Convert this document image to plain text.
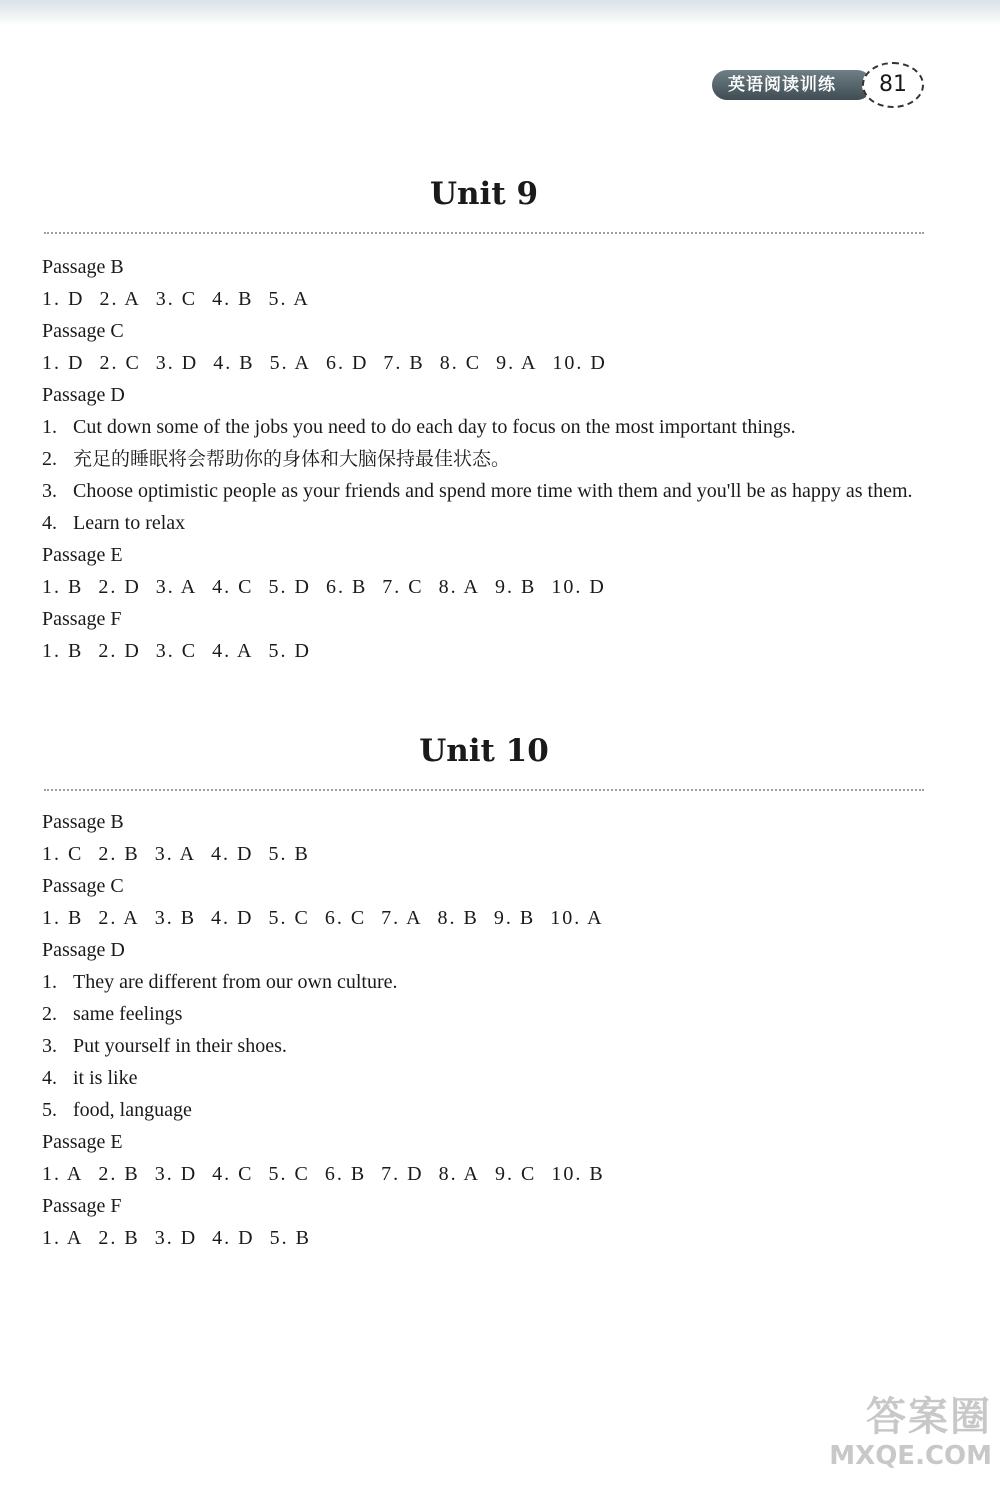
英语阅读训练	81
Unit 9
Passage B
1. D 2. A 3. C 4. B 5. A
Passage C
1. D 2. C 3. D 4. B 5. A 6. D 7. B 8. C 9. A 10. D
Passage D
1. Cut down some of the jobs you need to do each day to focus on the most important things.
2. 充足的睡眠将会帮助你的身体和大脑保持最佳状态。
3. Choose optimistic people as your friends and spend more time with them and you'll be as happy as them.
4. Learn to relax
Passage E
1. B 2. D 3. A 4. C 5. D 6. B 7. C 8. A 9. B 10. D
Passage F
1. B 2. D 3. C 4. A 5. D
Unit 10
Passage B
1. C 2. B 3. A 4. D 5. B
Passage C
1. B 2. A 3. B 4. D 5. C 6. C 7. A 8. B 9. B 10. A
Passage D
1. They are different from our own culture.
2. same feelings
3. Put yourself in their shoes.
4. it is like
5. food, language
Passage E
1. A 2. B 3. D 4. C 5. C 6. B 7. D 8. A 9. C 10. B
Passage F
1. A 2. B 3. D 4. D 5. B
答案圈
MXQE.COM
